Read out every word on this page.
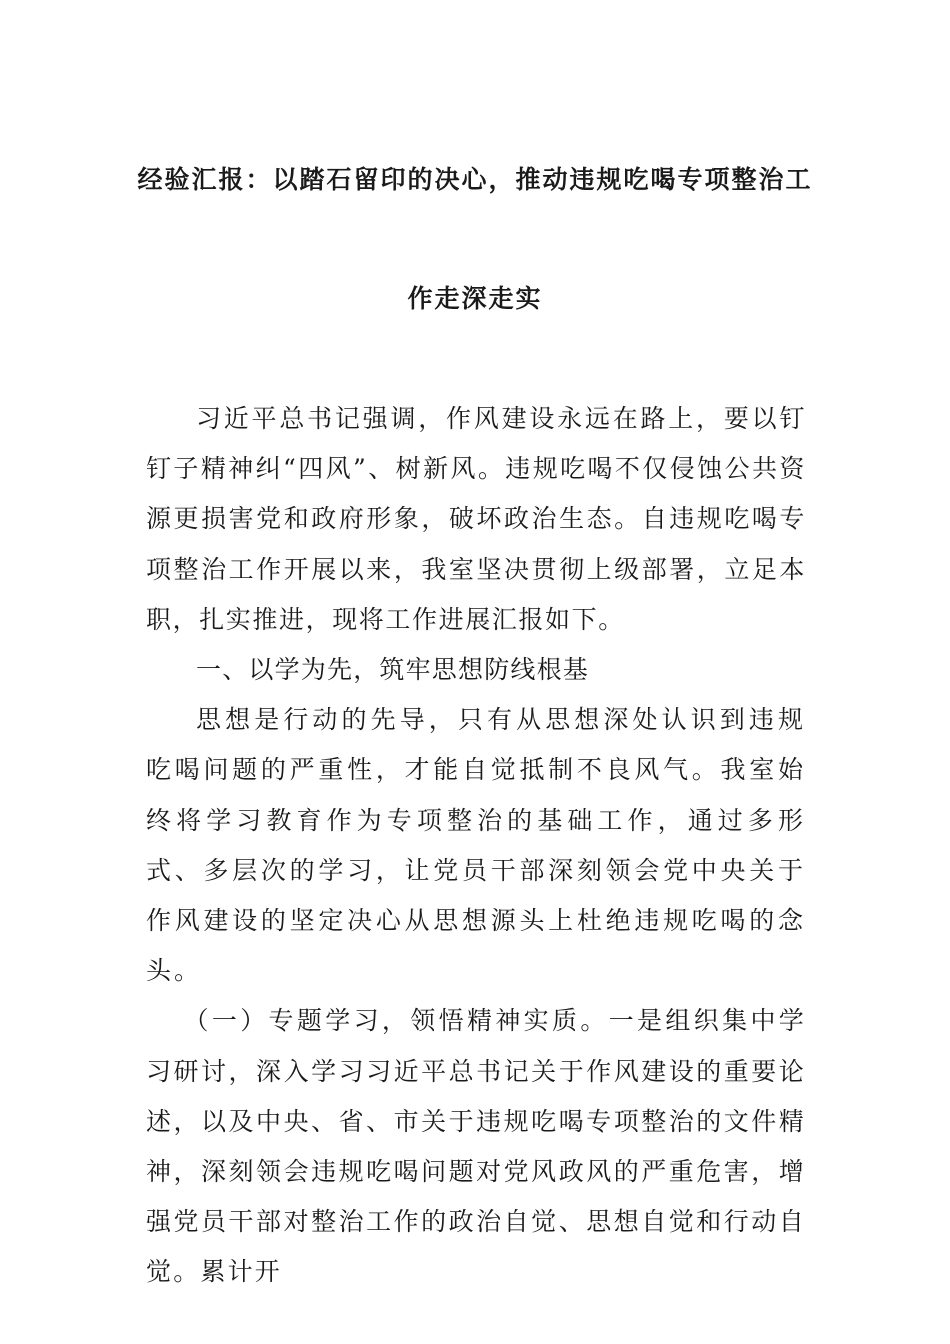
经验汇报：以踏石留印的决心，推动违规吃喝专项整治工
作走深走实

习近平总书记强调，作风建设永远在路上，要以钉钉子精神纠“四风”、树新风。违规吃喝不仅侵蚀公共资源更损害党和政府形象，破坏政治生态。自违规吃喝专项整治工作开展以来，我室坚决贯彻上级部署，立足本职，扎实推进，现将工作进展汇报如下。

一、以学为先，筑牢思想防线根基

思想是行动的先导，只有从思想深处认识到违规吃喝问题的严重性，才能自觉抵制不良风气。我室始终将学习教育作为专项整治的基础工作，通过多形式、多层次的学习，让党员干部深刻领会党中央关于作风建设的坚定决心从思想源头上杜绝违规吃喝的念头。

（一）专题学习，领悟精神实质。一是组织集中学习研讨，深入学习习近平总书记关于作风建设的重要论述，以及中央、省、市关于违规吃喝专项整治的文件精神，深刻领会违规吃喝问题对党风政风的严重危害，增强党员干部对整治工作的政治自觉、思想自觉和行动自觉。累计开
